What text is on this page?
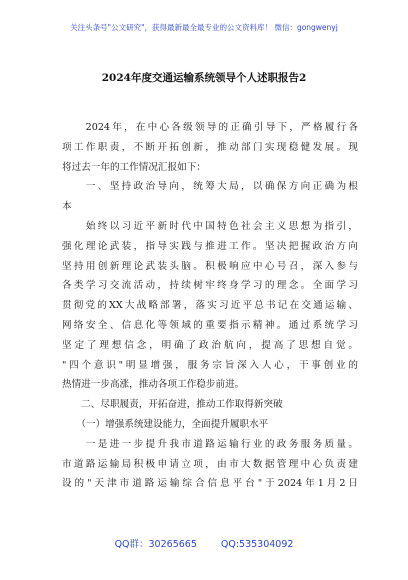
关注头条号"公文研究"，获得最新最全最专业的公文资料库！ 微信：gongwenyj
2024年度交通运输系统领导个人述职报告2
　　2024年，在中心各级领导的正确引导下，严格履行各
项工作职责，不断开拓创新，推动部门实现稳健发展。现
将过去一年的工作情况汇报如下：
　　一、坚持政治导向，统筹大局，以确保方向正确为根
本
　　始终以习近平新时代中国特色社会主义思想为指引，
强化理论武装，指导实践与推进工作。坚决把握政治方向
坚持用创新理论武装头脑。积极响应中心号召，深入参与
各类学习交流活动，持续树牢终身学习的理念。全面学习
贯彻党的XX大战略部署，落实习近平总书记在交通运输、
网络安全、信息化等领域的重要指示精神。通过系统学习
坚定了理想信念，明确了政治航向，提高了思想自觉。
"四个意识"明显增强，服务宗旨深入人心，干事创业的
热情进一步高涨，推动各项工作稳步前进。
　　二、尽职履责，开拓奋进，推动工作取得新突破
　　（一）增强系统建设能力，全面提升履职水平
　　一是进一步提升我市道路运输行业的政务服务质量。
市道路运输局积极申请立项，由市大数据管理中心负责建
设的"天津市道路运输综合信息平台"于2024年1月2日
QQ群：30265665	QQ:535304092
